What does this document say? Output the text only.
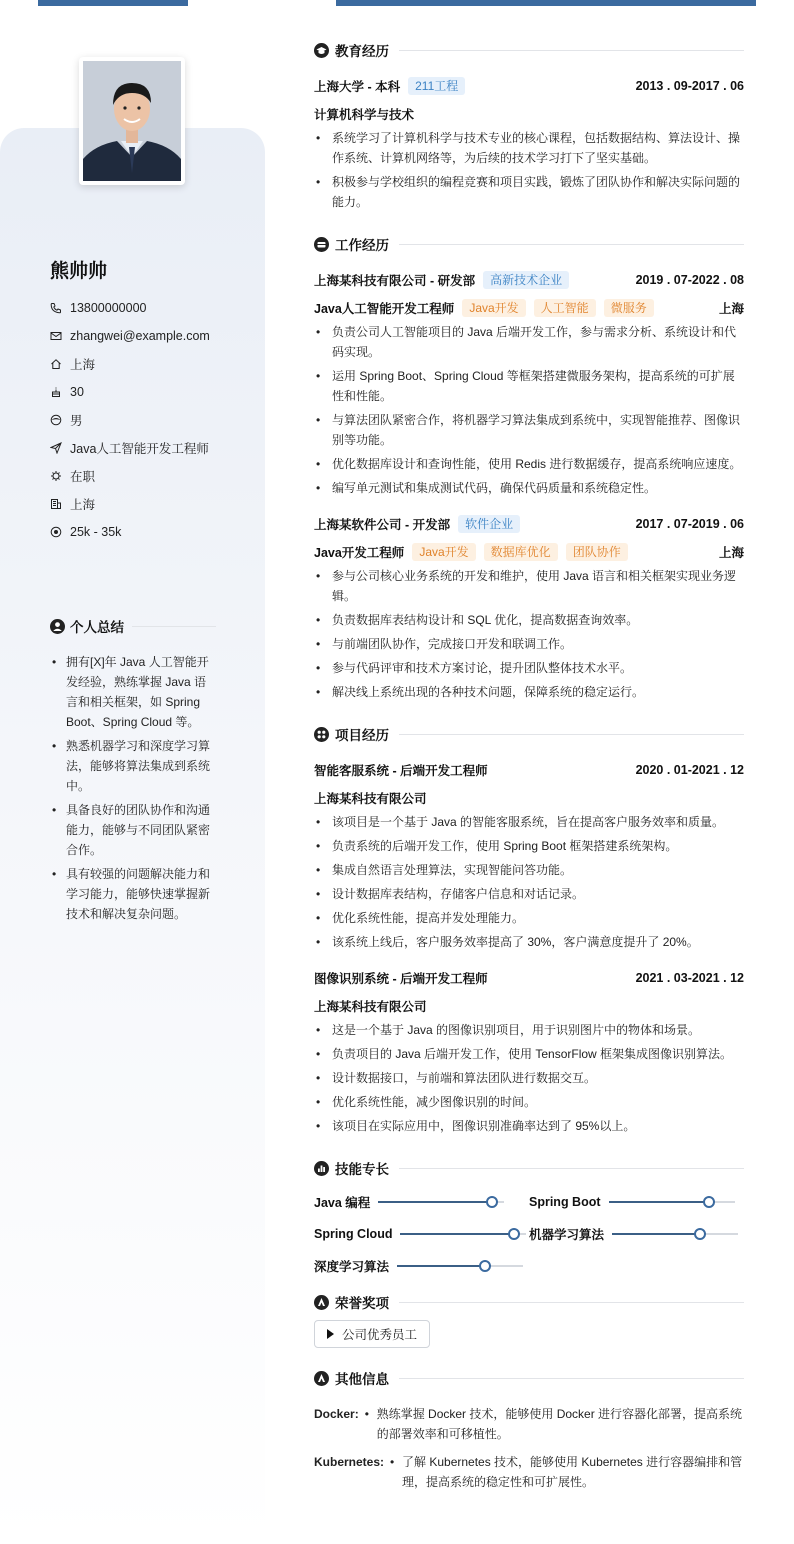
熊帅帅
13800000000
zhangwei@example.com
上海
30
男
Java人工智能开发工程师
在职
上海
25k - 35k
个人总结
• 拥有[X]年 Java 人工智能开发经验，熟练掌握 Java 语言和相关框架，如 Spring Boot、Spring Cloud 等。
• 熟悉机器学习和深度学习算法，能够将算法集成到系统中。
• 具备良好的团队协作和沟通能力，能够与不同团队紧密合作。
• 具有较强的问题解决能力和学习能力，能够快速掌握新技术和解决复杂问题。
教育经历
上海大学 - 本科	211工程	2013 . 09-2017 . 06
计算机科学与技术
• 系统学习了计算机科学与技术专业的核心课程，包括数据结构、算法设计、操作系统、计算机网络等，为后续的技术学习打下了坚实基础。
• 积极参与学校组织的编程竞赛和项目实践，锻炼了团队协作和解决实际问题的能力。
工作经历
上海某科技有限公司 - 研发部	高新技术企业	2019 . 07-2022 . 08
Java人工智能开发工程师	Java开发	人工智能	微服务	上海
• 负责公司人工智能项目的 Java 后端开发工作，参与需求分析、系统设计和代码实现。
• 运用 Spring Boot、Spring Cloud 等框架搭建微服务架构，提高系统的可扩展性和性能。
• 与算法团队紧密合作，将机器学习算法集成到系统中，实现智能推荐、图像识别等功能。
• 优化数据库设计和查询性能，使用 Redis 进行数据缓存，提高系统响应速度。
• 编写单元测试和集成测试代码，确保代码质量和系统稳定性。
上海某软件公司 - 开发部	软件企业	2017 . 07-2019 . 06
Java开发工程师	Java开发	数据库优化	团队协作	上海
• 参与公司核心业务系统的开发和维护，使用 Java 语言和相关框架实现业务逻辑。
• 负责数据库表结构设计和 SQL 优化，提高数据查询效率。
• 与前端团队协作，完成接口开发和联调工作。
• 参与代码评审和技术方案讨论，提升团队整体技术水平。
• 解决线上系统出现的各种技术问题，保障系统的稳定运行。
项目经历
智能客服系统 - 后端开发工程师	2020 . 01-2021 . 12
上海某科技有限公司
• 该项目是一个基于 Java 的智能客服系统，旨在提高客户服务效率和质量。
• 负责系统的后端开发工作，使用 Spring Boot 框架搭建系统架构。
• 集成自然语言处理算法，实现智能问答功能。
• 设计数据库表结构，存储客户信息和对话记录。
• 优化系统性能，提高并发处理能力。
• 该系统上线后，客户服务效率提高了 30%，客户满意度提升了 20%。
图像识别系统 - 后端开发工程师	2021 . 03-2021 . 12
上海某科技有限公司
• 这是一个基于 Java 的图像识别项目，用于识别图片中的物体和场景。
• 负责项目的 Java 后端开发工作，使用 TensorFlow 框架集成图像识别算法。
• 设计数据接口，与前端和算法团队进行数据交互。
• 优化系统性能，减少图像识别的时间。
• 该项目在实际应用中，图像识别准确率达到了 95%以上。
技能专长
Java 编程	Spring Boot
Spring Cloud	机器学习算法
深度学习算法
荣誉奖项
公司优秀员工
其他信息
Docker:	• 熟练掌握 Docker 技术，能够使用 Docker 进行容器化部署，提高系统的部署效率和可移植性。
Kubernetes:	• 了解 Kubernetes 技术，能够使用 Kubernetes 进行容器编排和管理，提高系统的稳定性和可扩展性。
